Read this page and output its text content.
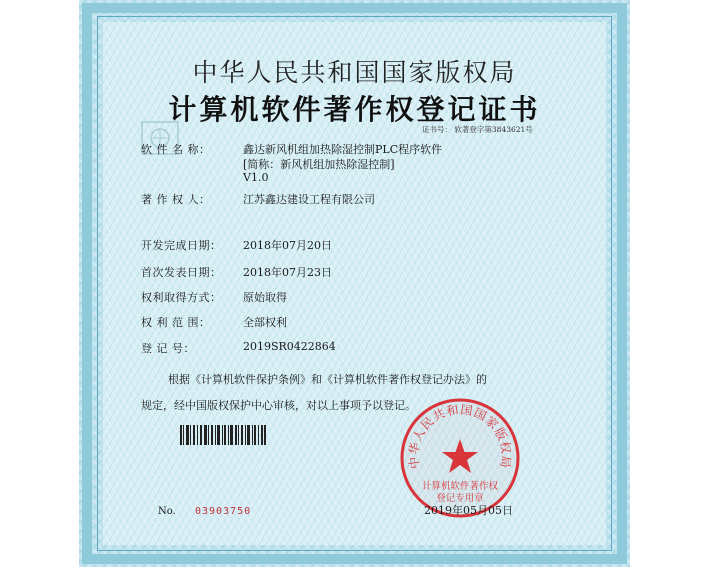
中华人民共和国国家版权局
计算机软件著作权登记证书
证书号： 软著登字第3843621号
软 件 名 称：	鑫达新风机组加热除湿控制PLC程序软件
[简称：新风机组加热除湿控制]
V1.0
著 作 权 人：	江苏鑫达建设工程有限公司
开发完成日期：	2018年07月20日
首次发表日期：	2018年07月23日
权利取得方式：	原始取得
权 利 范 围：	全部权利
登 记 号：	2019SR0422864
根据《计算机软件保护条例》和《计算机软件著作权登记办法》的
规定，经中国版权保护中心审核，对以上事项予以登记。
No. 03903750
中华人民共和国国家版权局
计算机软件著作权
登记专用章
2019年05月05日
